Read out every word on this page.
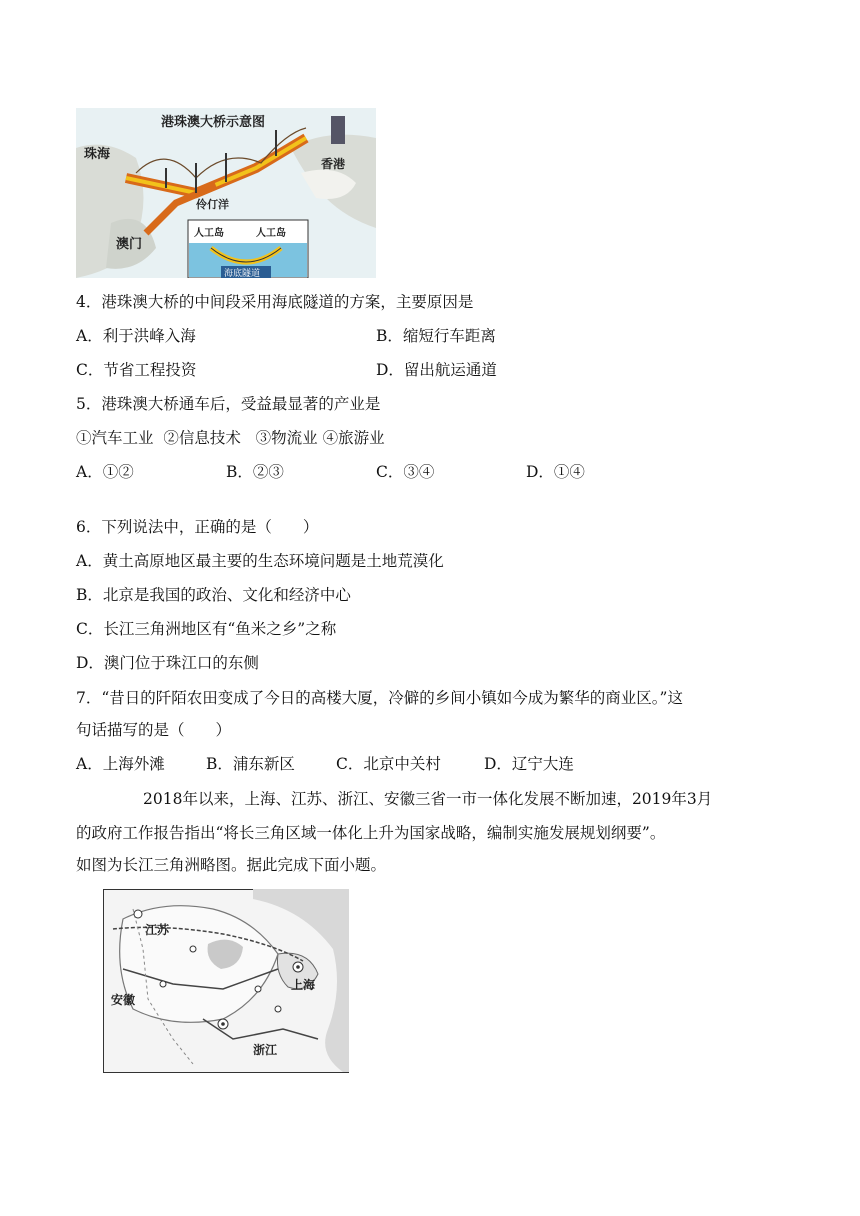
港珠澳大桥示意图
珠海
香港
澳门
伶仃洋
人工岛	人工岛
海底隧道
4．港珠澳大桥的中间段采用海底隧道的方案，主要原因是
A．利于洪峰入海	B．缩短行车距离
C．节省工程投资	D．留出航运通道
5．港珠澳大桥通车后，受益最显著的产业是
①汽车工业  ②信息技术   ③物流业 ④旅游业
A．①②	B．②③	C．③④	D．①④
6．下列说法中，正确的是（　　）
A．黄土高原地区最主要的生态环境问题是土地荒漠化
B．北京是我国的政治、文化和经济中心
C．长江三角洲地区有“鱼米之乡”之称
D．澳门位于珠江口的东侧
7．“昔日的阡陌农田变成了今日的高楼大厦，冷僻的乡间小镇如今成为繁华的商业区。”这
句话描写的是（　　）
A．上海外滩	B．浦东新区	C．北京中关村	D．辽宁大连
2018年以来，上海、江苏、浙江、安徽三省一市一体化发展不断加速，2019年3月
的政府工作报告指出“将长三角区域一体化上升为国家战略，编制实施发展规划纲要”。
如图为长江三角洲略图。据此完成下面小题。
江苏
安徽
上海
浙江
